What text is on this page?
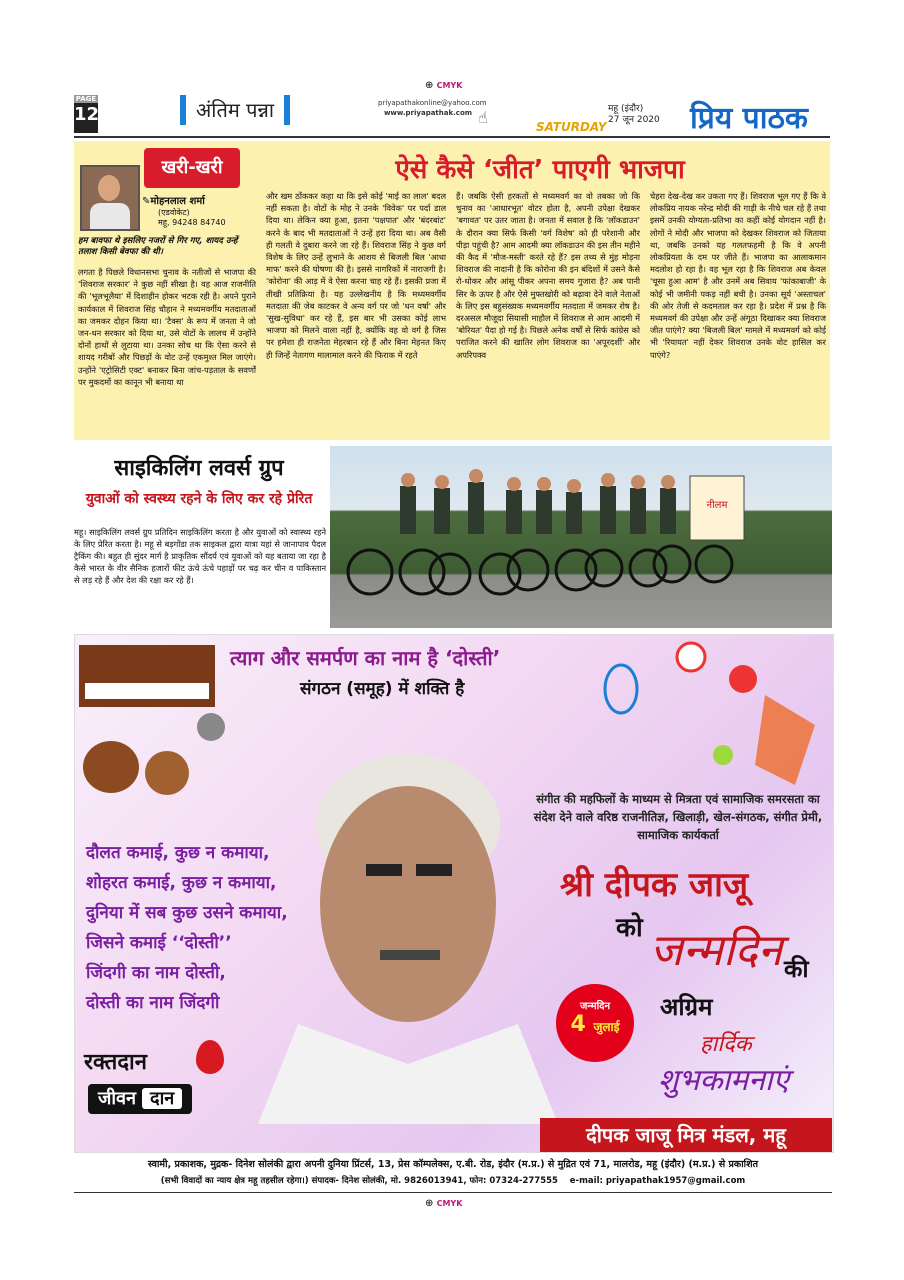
⊕ CMYK
PAGE
12	अंतिम पन्ना	priyapathakonline@yahoo.com
www.priyapathak.com ☝	SATURDAY
महू (इंदौर)
27 जून 2020 प्रिय पाठक
खरी-खरी
✎मोहनलाल शर्मा
(एडवोकेट)
महू, 94248 84740
ऐसे कैसे ‘जीत’ पाएगी भाजपा
हम बावफा थे इसलिए नजरों से गिर गए, शायद उन्हें तलाश किसी बेवफा की थी।
लगता है पिछले विधानसभा चुनाव के नतीजों से भाजपा की 'शिवराज सरकार' ने कुछ नहीं सीखा है। वह आज राजनीति की 'भूलभूलैया' में दिशाहीन होकर भटक रही है। अपने पुराने कार्यकाल में शिवराज सिंह चौहान ने मध्यमवर्गीय मतदाताओं का जमकर दोहन किया था। 'टैक्स' के रूप में जनता ने जो जन-धन सरकार को दिया था, उसे वोटों के लालच में उन्होंने दोनों हाथों से लुटाया था। उनका सोच था कि ऐसा करने से शायद गरीबों और पिछड़ों के वोट उन्हें एकमुश्त मिल जाएंगे। उन्होंने 'एट्रोसिटी एक्ट' बनाकर बिना जांच-पड़ताल के सवर्णों पर मुकदमों का कानून भी बनाया था
और खम ठोंककर कहा था कि इसे कोई 'माई का लाल' बदल नहीं सकता है। वोटों के मोह ने उनके 'विवेक' पर पर्दा डाल दिया था। लेकिन क्या हुआ, इतना 'पक्षपात' और 'बंदरबांट' करने के बाद भी मतदाताओं ने उन्हें हरा दिया था। अब वैसी ही गलती वे दुबारा करने जा रहे हैं। शिवराज सिंह ने कुछ वर्ग विशेष के लिए उन्हें लुभाने के आशय से बिजली बिल 'आधा माफ' करने की घोषणा की है। इससे नागरिकों में नाराजगी है। 'कोरोना' की आड़ में वे ऐसा करना चाह रहे हैं। इसकी प्रजा में तीखी प्रतिक्रिया है। यह उल्लेखनीय है कि मध्यमवर्गीय मतदाता की जेब काटकर वे अन्य वर्ग पर जो 'धन वर्षा' और 'सुख-सुविधा' कर रहे हैं, इस बार भी उसका कोई लाभ भाजपा को मिलने वाला नहीं है, क्योंकि वह वो वर्ग है जिस पर हमेशा ही राजनेता मेहरबान रहे हैं और बिना मेहनत किए ही जिन्हें नेतागण मालामाल करने की फिराक में रहते
हैं। जबकि ऐसी हरकतों से मध्यमवर्ग का वो तबका जो कि चुनाव का 'आधारभूत' वोटर होता है, अपनी उपेक्षा देखकर 'बगावत' पर उतर जाता है। जनता में सवाल है कि 'लॉकडाउन' के दौरान क्या सिर्फ किसी 'वर्ग विशेष' को ही परेशानी और पीड़ा पहुंची है? आम आदमी क्या लॉकडाउन की इस तीन महीने की कैद में 'मौज-मस्ती' करते रहे हैं? इस तथ्य से मुंह मोड़ना शिवराज की नादानी है कि कोरोना की इन बंदिशों में उसने कैसे रो-धोकर और आंसू पीकर अपना समय गुजारा है? अब पानी सिर के ऊपर है और ऐसे मुफ्तखोरी को बढ़ावा देने वाले नेताओं के लिए इस बहुसंख्यक मध्यमवर्गीय मतदाता में जमकर रोष है। दरअसल मौजूदा सियासी माहौल में शिवराज से आम आदमी में 'बोरियत' पैदा हो गई है। पिछले अनेक वर्षों से सिर्फ कांग्रेस को पराजित करने की खातिर लोग शिवराज का 'अपूरदर्शी' और अपरिपक्व
चेहरा देख-देख कर उकता गए हैं। शिवराज भूल गए हैं कि वे लोकप्रिय नायक नरेन्द्र मोदी की गाड़ी के नीचे चल रहे हैं तथा इसमें उनकी योग्यता-प्रतिभा का कहीं कोई योगदान नहीं है। लोगों ने मोदी और भाजपा को देखकर शिवराज को जिताया था, जबकि उनको यह गलतफहमी है कि वे अपनी लोकप्रियता के दम पर जीते हैं। भाजपा का आलाकमान मदलोश हो रहा है। वह भूल रहा है कि शिवराज अब केवल 'चूसा हुआ आम' है और उनमें अब सिवाय 'फांकाबाजी' के कोई भी जमीनी पकड़ नहीं बची है। उनका सूर्य 'अस्ताचल' की ओर तेजी से कदमताल कर रहा है। प्रदेश में प्रश्न है कि मध्यमवर्ग की उपेक्षा और उन्हें अंगूठा दिखाकर क्या शिवराज जीत पाएंगे? क्या 'बिजली बिल' मामले में मध्यमवर्ग को कोई भी 'रियायत' नहीं देकर शिवराज उनके वोट हासिल कर पाएंगे?
साइकिलिंग लवर्स ग्रुप
युवाओं को स्वस्थ्य रहने के लिए कर रहे प्रेरित
महू। साइकिलिंग लवर्स ग्रुप प्रतिदिन साइकिलिंग करता है और युवाओं को स्वास्थ्य रहने के लिए प्रेरित करता है। महू से बड़गोंडा तक साइकल द्वारा यात्रा यहां से जानापाव पैदल ट्रैकिंग की। बहुत ही सुंदर मार्ग है प्राकृतिक सौंदर्य एवं युवाओं को यह बताया जा रहा है कैसे भारत के वीर सैनिक हजारों फीट ऊंचे ऊंचे पहाड़ों पर चढ़ कर चीन व पाकिस्तान से लड़ रहे हैं और देश की रक्षा कर रहे हैं।
नीलम
त्याग और समर्पण का नाम है ‘दोस्ती’
संगठन (समूह) में शक्ति है
दौलत कमाई, कुछ न कमाया,
शोहरत कमाई, कुछ न कमाया,
दुनिया में सब कुछ उसने कमाया,
जिसने कमाई ‘‘दोस्ती’’
जिंदगी का नाम दोस्ती,
दोस्ती का नाम जिंदगी
संगीत की महफिलों के माध्यम से मित्रता एवं सामाजिक समरसता का संदेश देने वाले वरिष्ठ राजनीतिज्ञ, खिलाड़ी, खेल-संगठक, संगीत प्रेमी, सामाजिक कार्यकर्ता
श्री दीपक जाजू
को जन्मदिन की
अग्रिम
हार्दिक
शुभकामनाएं
जन्मदिन
4 जुलाई
रक्तदान
जीवन दान
दीपक जाजू मित्र मंडल, महू
स्वामी, प्रकाशक, मुद्रक- दिनेश सोलंकी द्वारा अपनी दुनिया प्रिंटर्स, 13, प्रेस कॉम्पलेक्स, ए.बी. रोड, इंदौर (म.प्र.) से मुद्रित एवं 71, मालरोड, महू (इंदौर) (म.प्र.) से प्रकाशित
(सभी विवादों का न्याय क्षेत्र महू तहसील रहेगा।) संपादक- दिनेश सोलंकी, मो. 9826013941, फोन: 07324-277555 e-mail: priyapathak1957@gmail.com
⊕ CMYK
